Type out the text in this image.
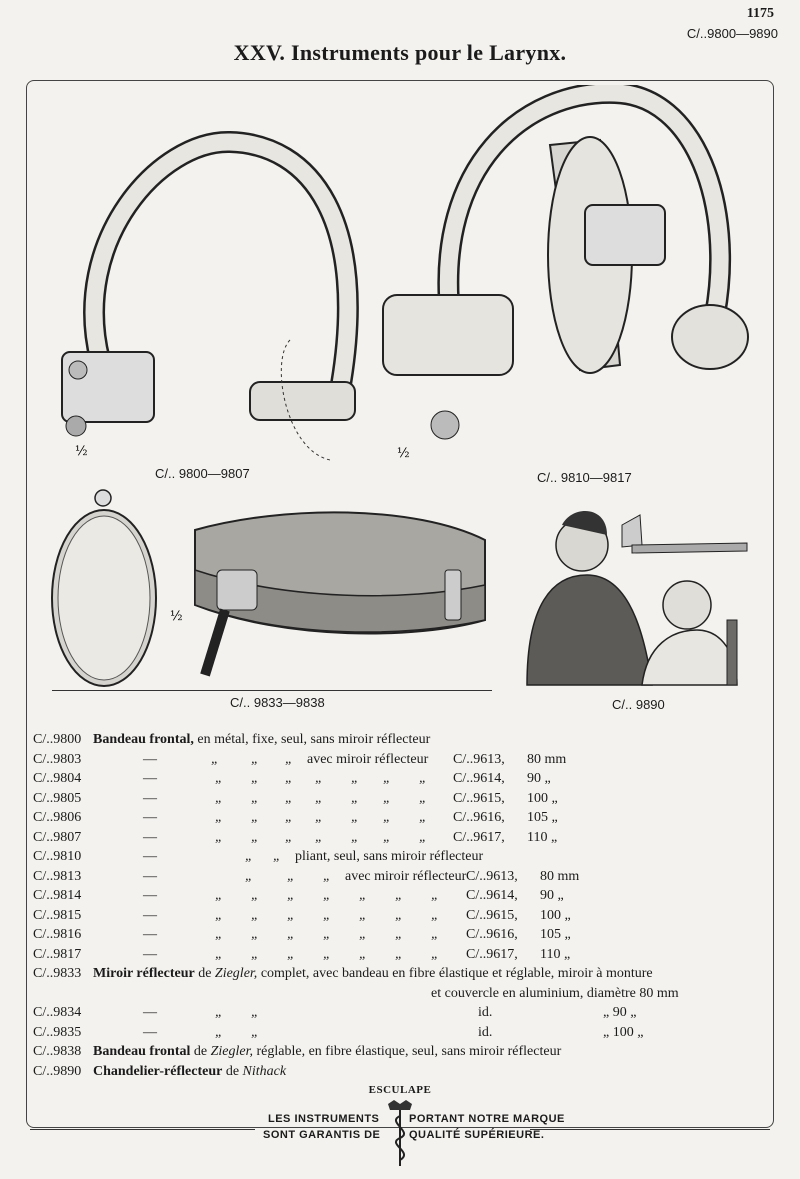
1175
C/..9800—9890
XXV. Instruments pour le Larynx.
½
C/.. 9800—9807
½
C/.. 9810—9817
½
C/.. 9833—9838	C/.. 9890
C/..9800 Bandeau frontal, en métal, fixe, seul, sans miroir réflecteur
C/..9803	—	„ „ „ avec miroir réflecteur C/..9613, 80 mm
C/..9804	—	„ „ „ „ „ „ „ C/..9614, 90 „
C/..9805	—	„ „ „ „ „ „ „ C/..9615, 100 „
C/..9806	—	„ „ „ „ „ „ „ C/..9616, 105 „
C/..9807	—	„ „ „ „ „ „ „ C/..9617, 110 „
C/..9810	—	„ „ pliant, seul, sans miroir réflecteur
C/..9813	—	„ „ „ avec miroir réflecteur C/..9613, 80 mm
C/..9814	—	„ „ „ „ „ „ „ C/..9614, 90 „
C/..9815	—	„ „ „ „ „ „ „ C/..9615, 100 „
C/..9816	—	„ „ „ „ „ „ „ C/..9616, 105 „
C/..9817	—	„ „ „ „ „ „ „ C/..9617, 110 „
C/..9833 Miroir réflecteur de Ziegler, complet, avec bandeau en fibre élastique et réglable, miroir à monture
et couvercle en aluminium, diamètre 80 mm
C/..9834	—	„ „	id.	„ 90 „
C/..9835	—	„ „	id.	„ 100 „
C/..9838 Bandeau frontal de Ziegler, réglable, en fibre élastique, seul, sans miroir réflecteur
C/..9890 Chandelier-réflecteur de Nithack
ESCULAPE
LES INSTRUMENTS
SONT GARANTIS DE
PORTANT NOTRE MARQUE
QUALITÉ SUPÉRIEURE.
